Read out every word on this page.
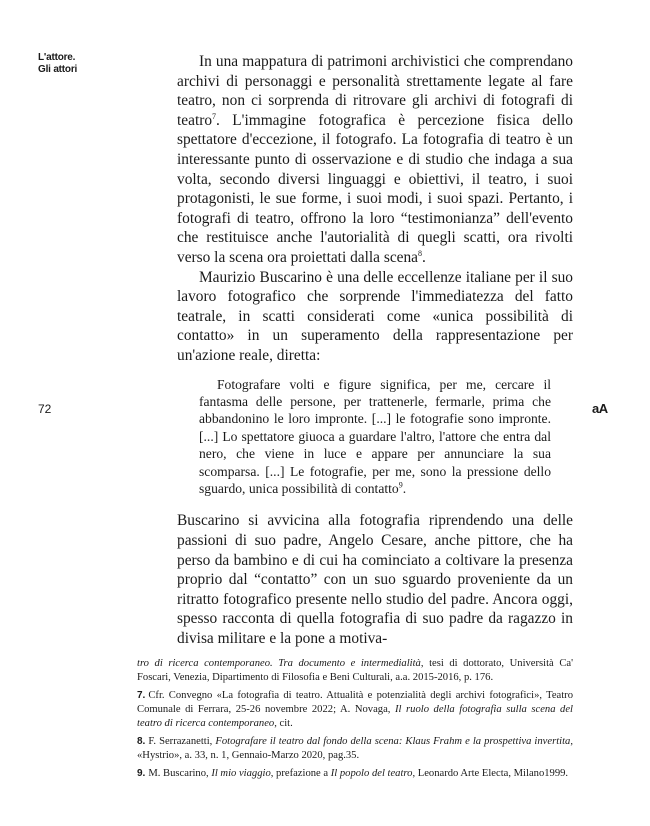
L'attore.
Gli attori
72	aA

In una mappatura di patrimoni archivistici che comprendano archivi di personaggi e personalità strettamente legate al fare teatro, non ci sorprenda di ritrovare gli archivi di fotografi di teatro$^7$. L'immagine fotografica è percezione fisica dello spettatore d'eccezione, il fotografo. La fotografia di teatro è un interessante punto di osservazione e di studio che indaga a sua volta, secondo diversi linguaggi e obiettivi, il teatro, i suoi protagonisti, le sue forme, i suoi modi, i suoi spazi. Pertanto, i fotografi di teatro, offrono la loro “testimonianza” dell'evento che restituisce anche l'autorialità di quegli scatti, ora rivolti verso la scena ora proiettati dalla scena$^8$.

Maurizio Buscarino è una delle eccellenze italiane per il suo lavoro fotografico che sorprende l'immediatezza del fatto teatrale, in scatti considerati come «unica possibilità di contatto» in un superamento della rappresentazione per un'azione reale, diretta:

Fotografare volti e figure significa, per me, cercare il fantasma delle persone, per trattenerle, fermarle, prima che abbandonino le loro impronte. [...] le fotografie sono impronte. [...] Lo spettatore giuoca a guardare l'altro, l'attore che entra dal nero, che viene in luce e appare per annunciare la sua scomparsa. [...] Le fotografie, per me, sono la pressione dello sguardo, unica possibilità di contatto$^9$.

Buscarino si avvicina alla fotografia riprendendo una delle passioni di suo padre, Angelo Cesare, anche pittore, che ha perso da bambino e di cui ha cominciato a coltivare la presenza proprio dal “contatto” con un suo sguardo proveniente da un ritratto fotografico presente nello studio del padre. Ancora oggi, spesso racconta di quella fotografia di suo padre da ragazzo in divisa militare e la pone a motiva-

tro di ricerca contemporaneo. Tra documento e intermedialità, tesi di dottorato, Università Ca' Foscari, Venezia, Dipartimento di Filosofia e Beni Culturali, a.a. 2015-2016, p. 176.

7. Cfr. Convegno «La fotografia di teatro. Attualità e potenzialità degli archivi fotografici», Teatro Comunale di Ferrara, 25-26 novembre 2022; A. Novaga, Il ruolo della fotografia sulla scena del teatro di ricerca contemporaneo, cit.

8. F. Serrazanetti, Fotografare il teatro dal fondo della scena: Klaus Frahm e la prospettiva invertita, «Hystrio», a. 33, n. 1, Gennaio-Marzo 2020, pag.35.

9. M. Buscarino, Il mio viaggio, prefazione a Il popolo del teatro, Leonardo Arte Electa, Milano1999.
